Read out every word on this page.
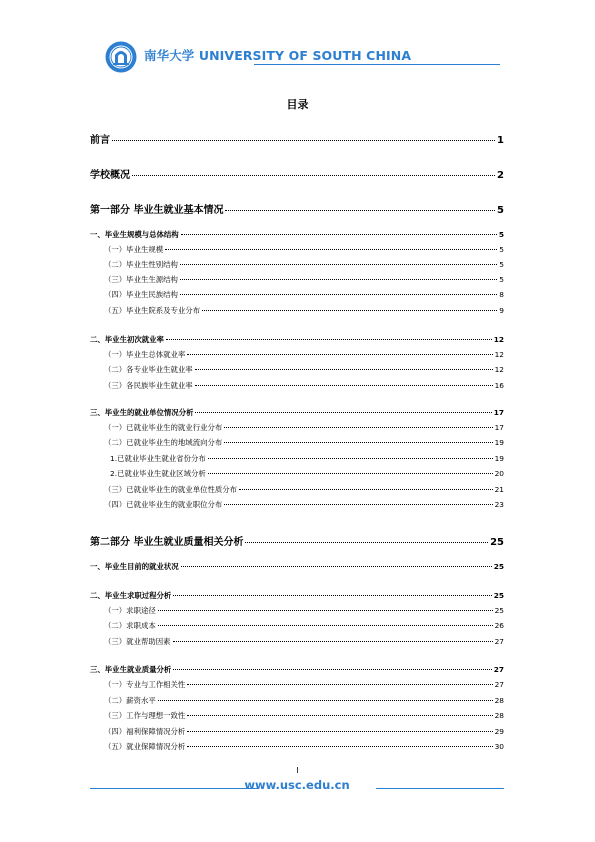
南华大学 UNIVERSITY OF SOUTH CHINA
目录
前言	1
学校概况	2
第一部分 毕业生就业基本情况	5
一、毕业生规模与总体结构	5
（一）毕业生规模	5
（二）毕业生性别结构	5
（三）毕业生生源结构	5
（四）毕业生民族结构	8
（五）毕业生院系及专业分布	9
二、毕业生初次就业率	12
（一）毕业生总体就业率	12
（二）各专业毕业生就业率	12
（三）各民族毕业生就业率	16
三、毕业生的就业单位情况分析	17
（一）已就业毕业生的就业行业分布	17
（二）已就业毕业生的地域流向分布	19
1.已就业毕业生就业省份分布	19
2.已就业毕业生就业区域分析	20
（三）已就业毕业生的就业单位性质分布	21
（四）已就业毕业生的就业职位分布	23
第二部分 毕业生就业质量相关分析	25
一、毕业生目前的就业状况	25
二、毕业生求职过程分析	25
（一）求职途径	25
（二）求职成本	26
（三）就业帮助因素	27
三、毕业生就业质量分析	27
（一）专业与工作相关性	27
（二）薪资水平	28
（三）工作与理想一致性	28
（四）福利保障情况分析	29
（五）就业保障情况分析	30
I
www.usc.edu.cn
